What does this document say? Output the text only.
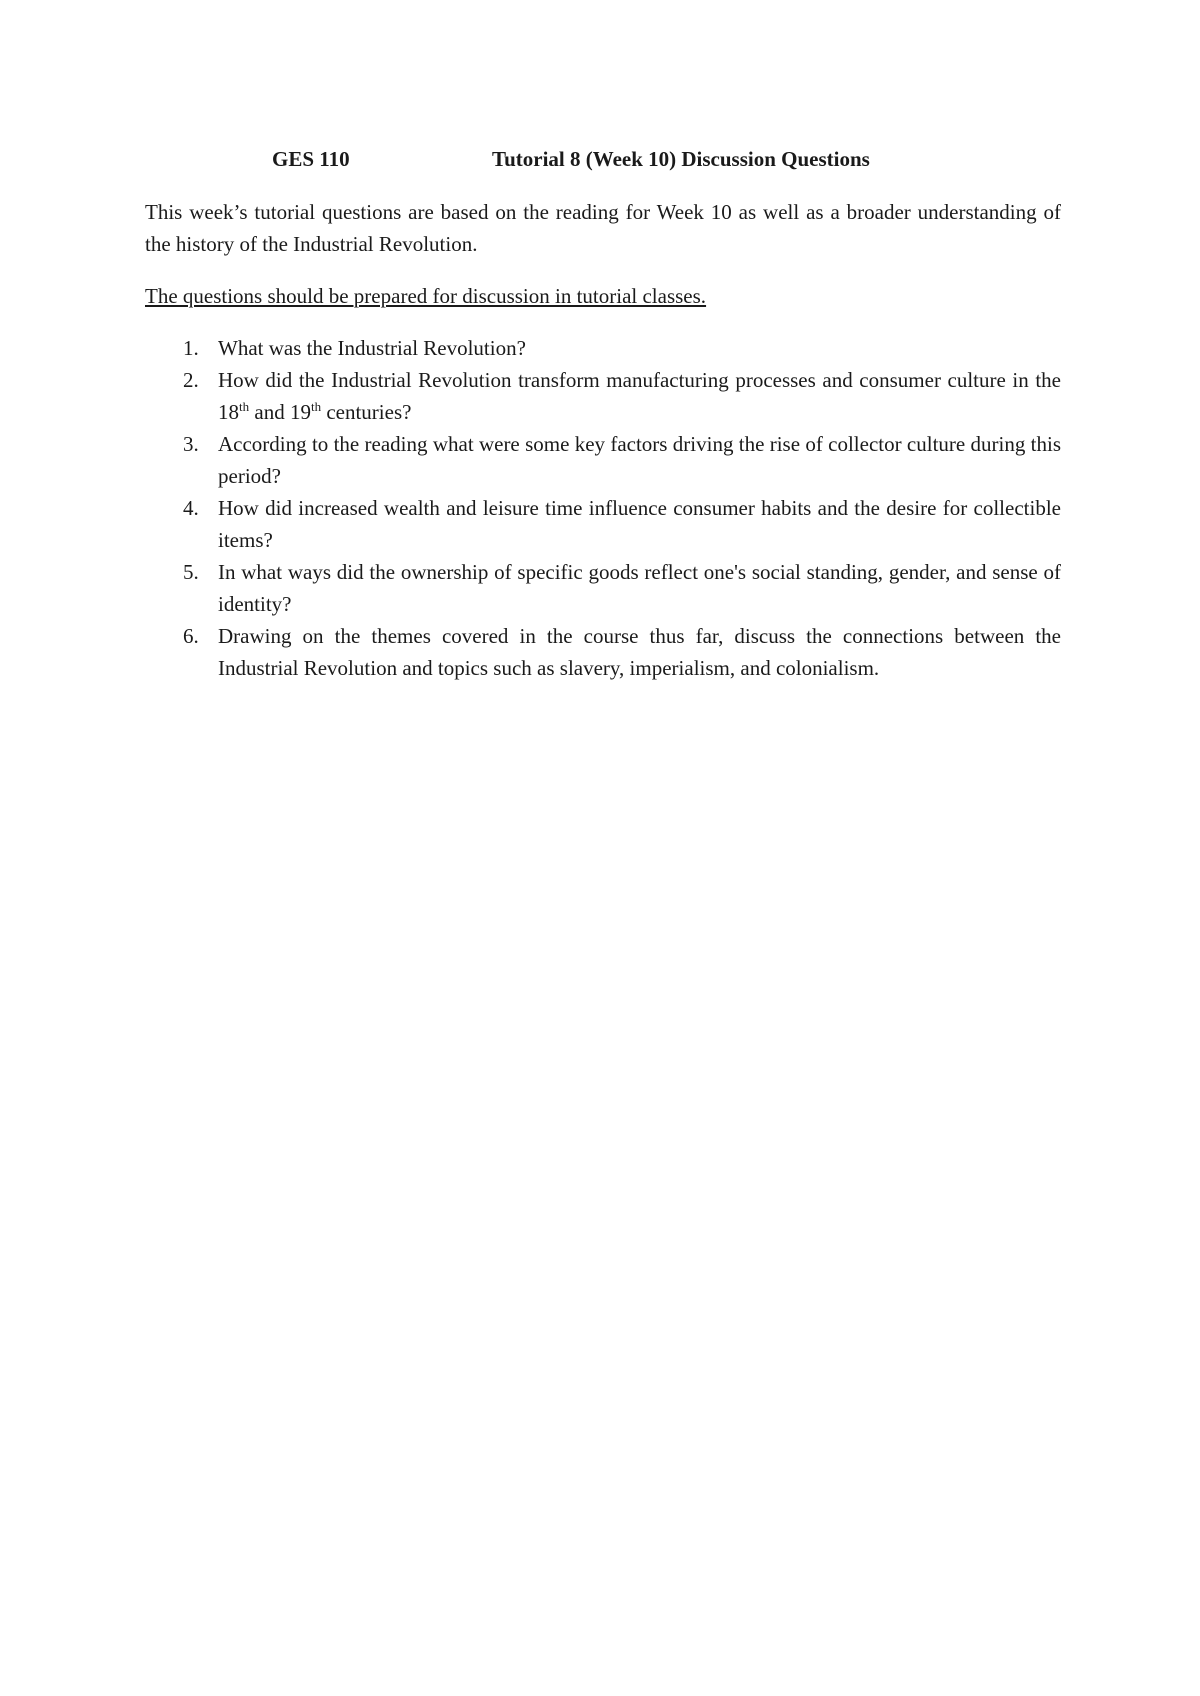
GES 110	Tutorial 8 (Week 10) Discussion Questions

This week’s tutorial questions are based on the reading for Week 10 as well as a broader understanding of the history of the Industrial Revolution.

The questions should be prepared for discussion in tutorial classes.

1. What was the Industrial Revolution?
2. How did the Industrial Revolution transform manufacturing processes and consumer culture in the 18th and 19th centuries?
3. According to the reading what were some key factors driving the rise of collector culture during this period?
4. How did increased wealth and leisure time influence consumer habits and the desire for collectible items?
5. In what ways did the ownership of specific goods reflect one's social standing, gender, and sense of identity?
6. Drawing on the themes covered in the course thus far, discuss the connections between the Industrial Revolution and topics such as slavery, imperialism, and colonialism.
